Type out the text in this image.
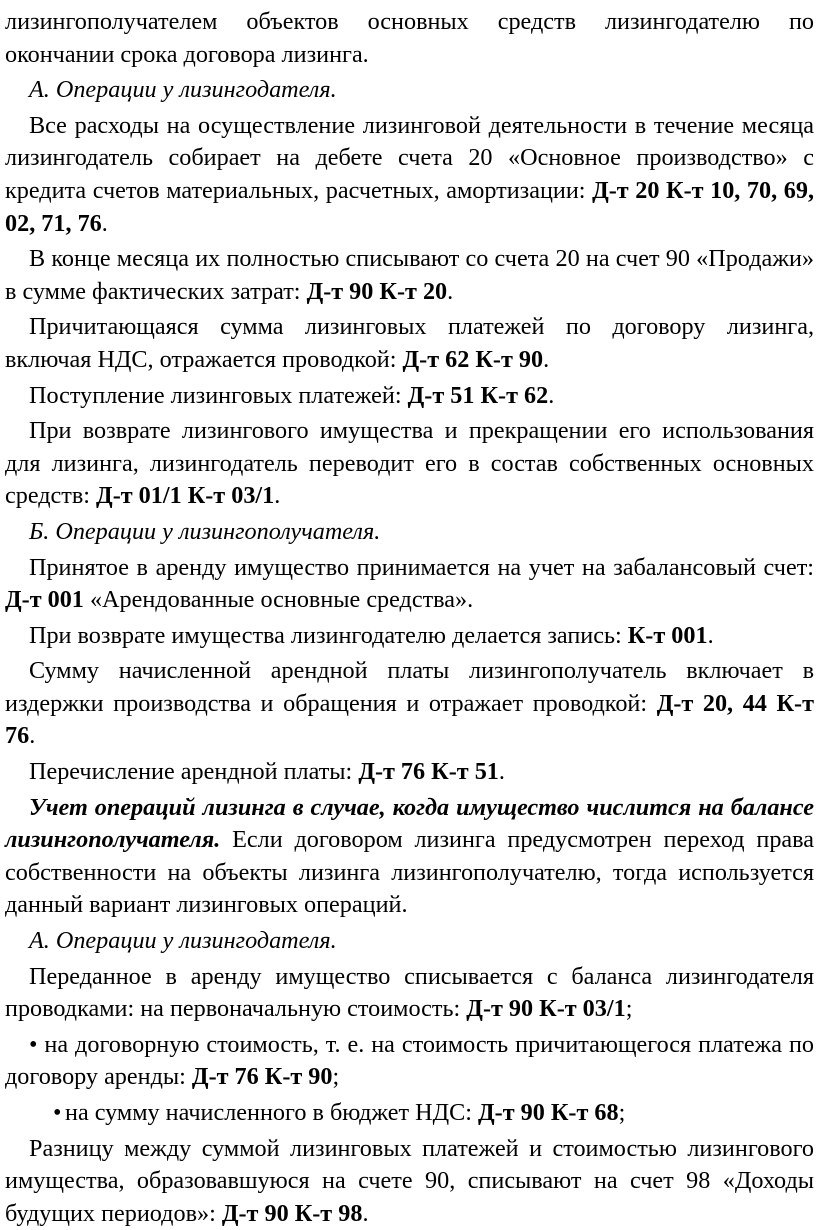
лизингополучателем объектов основных средств лизингодателю по окончании срока договора лизинга.

А. Операции у лизингодателя.

Все расходы на осуществление лизинговой деятельности в течение месяца лизингодатель собирает на дебете счета 20 «Основное производство» с кредита счетов материальных, расчетных, амортизации: Д-т 20 К-т 10, 70, 69, 02, 71, 76.

В конце месяца их полностью списывают со счета 20 на счет 90 «Продажи» в сумме фактических затрат: Д-т 90 К-т 20.

Причитающаяся сумма лизинговых платежей по договору лизинга, включая НДС, отражается проводкой: Д-т 62 К-т 90.

Поступление лизинговых платежей: Д-т 51 К-т 62.

При возврате лизингового имущества и прекращении его использования для лизинга, лизингодатель переводит его в состав собственных основных средств: Д-т 01/1 К-т 03/1.

Б. Операции у лизингополучателя.

Принятое в аренду имущество принимается на учет на забалансовый счет: Д-т 001 «Арендованные основные средства».

При возврате имущества лизингодателю делается запись: К-т 001.

Сумму начисленной арендной платы лизингополучатель включает в издержки производства и обращения и отражает проводкой: Д-т 20, 44 К-т 76.

Перечисление арендной платы: Д-т 76 К-т 51.

Учет операций лизинга в случае, когда имущество числится на балансе лизингополучателя. Если договором лизинга предусмотрен переход права собственности на объекты лизинга лизингополучателю, тогда используется данный вариант лизинговых операций.

А. Операции у лизингодателя.

Переданное в аренду имущество списывается с баланса лизингодателя проводками: на первоначальную стоимость: Д-т 90 К-т 03/1;

• на договорную стоимость, т. е. на стоимость причитающегося платежа по договору аренды: Д-т 76 К-т 90;

• на сумму начисленного в бюджет НДС: Д-т 90 К-т 68;

Разницу между суммой лизинговых платежей и стоимостью лизингового имущества, образовавшуюся на счете 90, списывают на счет 98 «Доходы будущих периодов»: Д-т 90 К-т 98.
